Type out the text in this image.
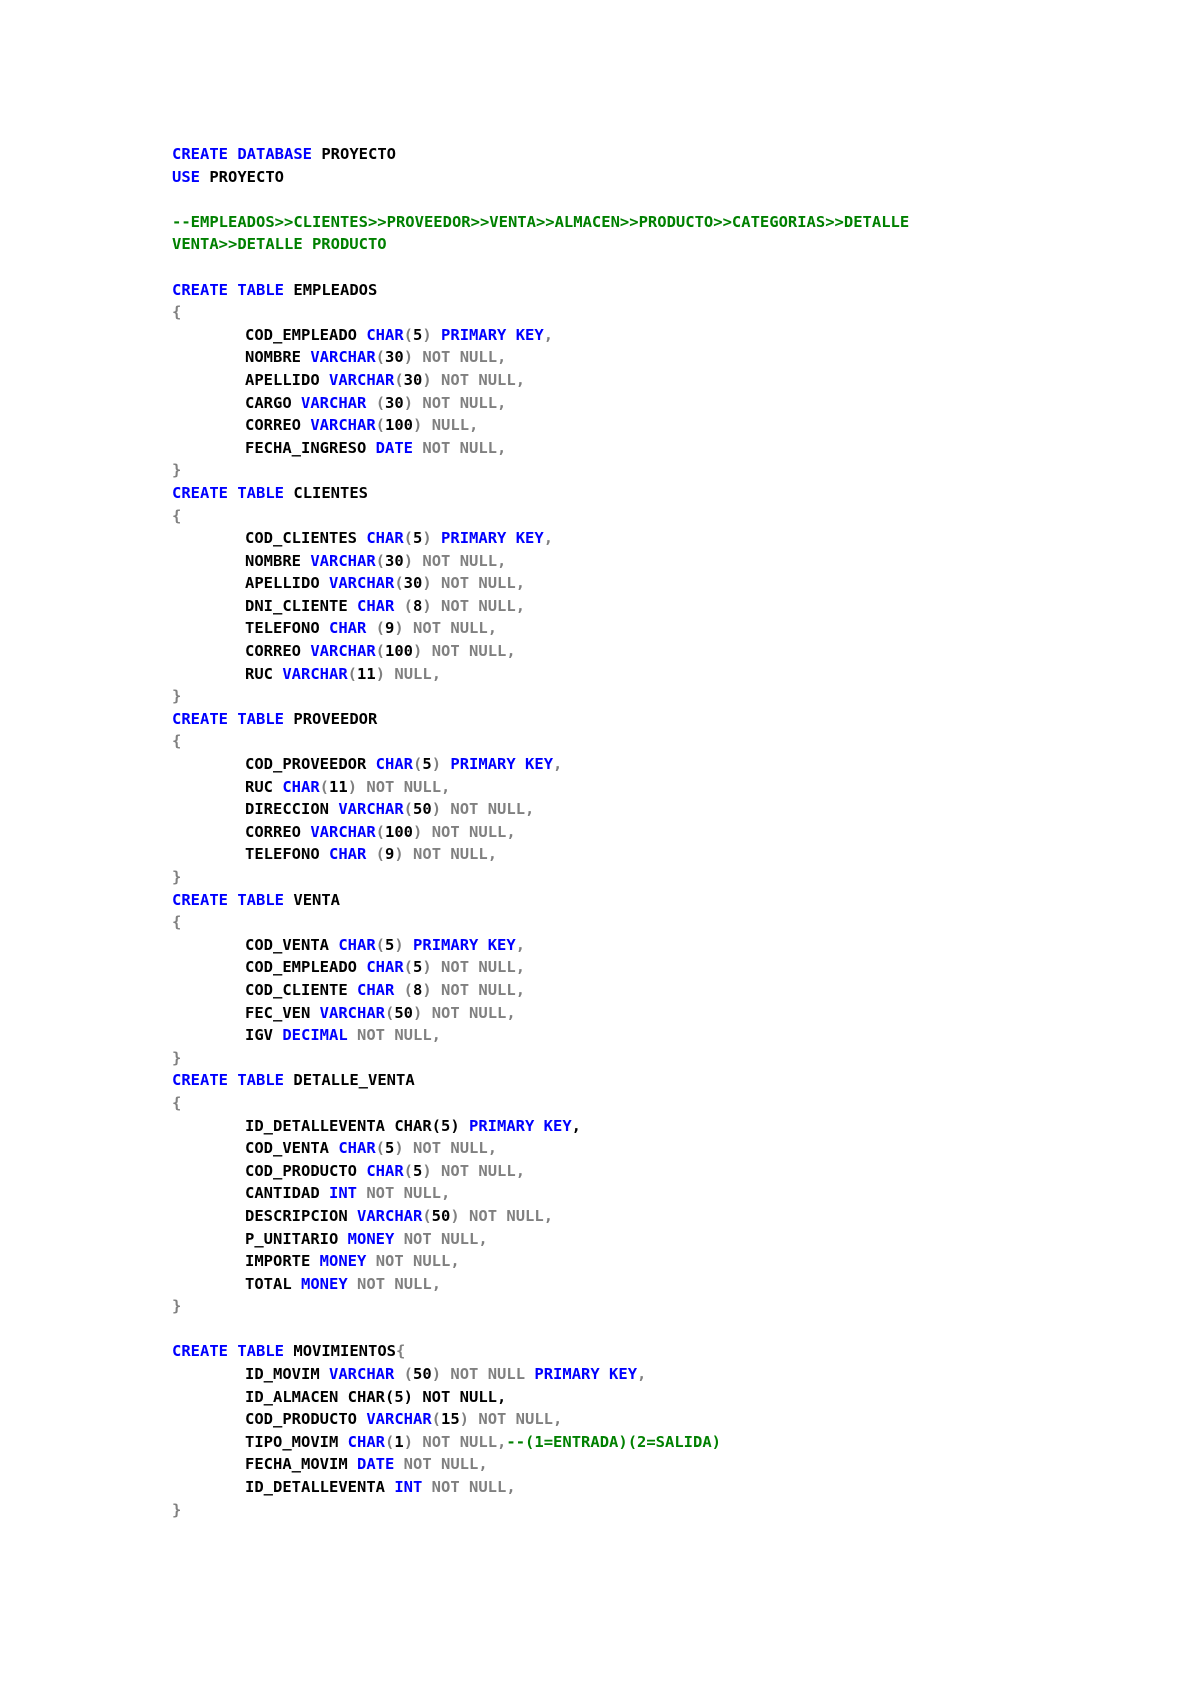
CREATE DATABASE PROYECTO
USE PROYECTO
--EMPLEADOS>>CLIENTES>>PROVEEDOR>>VENTA>>ALMACEN>>PRODUCTO>>CATEGORIAS>>DETALLE
VENTA>>DETALLE PRODUCTO
CREATE TABLE EMPLEADOS
{
COD_EMPLEADO CHAR(5) PRIMARY KEY,
NOMBRE VARCHAR(30) NOT NULL,
APELLIDO VARCHAR(30) NOT NULL,
CARGO VARCHAR (30) NOT NULL,
CORREO VARCHAR(100) NULL,
FECHA_INGRESO DATE NOT NULL,
}
CREATE TABLE CLIENTES
{
COD_CLIENTES CHAR(5) PRIMARY KEY,
NOMBRE VARCHAR(30) NOT NULL,
APELLIDO VARCHAR(30) NOT NULL,
DNI_CLIENTE CHAR (8) NOT NULL,
TELEFONO CHAR (9) NOT NULL,
CORREO VARCHAR(100) NOT NULL,
RUC VARCHAR(11) NULL,
}
CREATE TABLE PROVEEDOR
{
COD_PROVEEDOR CHAR(5) PRIMARY KEY,
RUC CHAR(11) NOT NULL,
DIRECCION VARCHAR(50) NOT NULL,
CORREO VARCHAR(100) NOT NULL,
TELEFONO CHAR (9) NOT NULL,
}
CREATE TABLE VENTA
{
COD_VENTA CHAR(5) PRIMARY KEY,
COD_EMPLEADO CHAR(5) NOT NULL,
COD_CLIENTE CHAR (8) NOT NULL,
FEC_VEN VARCHAR(50) NOT NULL,
IGV DECIMAL NOT NULL,
}
CREATE TABLE DETALLE_VENTA
{
ID_DETALLEVENTA CHAR(5) PRIMARY KEY,
COD_VENTA CHAR(5) NOT NULL,
COD_PRODUCTO CHAR(5) NOT NULL,
CANTIDAD INT NOT NULL,
DESCRIPCION VARCHAR(50) NOT NULL,
P_UNITARIO MONEY NOT NULL,
IMPORTE MONEY NOT NULL,
TOTAL MONEY NOT NULL,
}
CREATE TABLE MOVIMIENTOS{
ID_MOVIM VARCHAR (50) NOT NULL PRIMARY KEY,
ID_ALMACEN CHAR(5) NOT NULL,
COD_PRODUCTO VARCHAR(15) NOT NULL,
TIPO_MOVIM CHAR(1) NOT NULL,--(1=ENTRADA)(2=SALIDA)
FECHA_MOVIM DATE NOT NULL,
ID_DETALLEVENTA INT NOT NULL,
}
